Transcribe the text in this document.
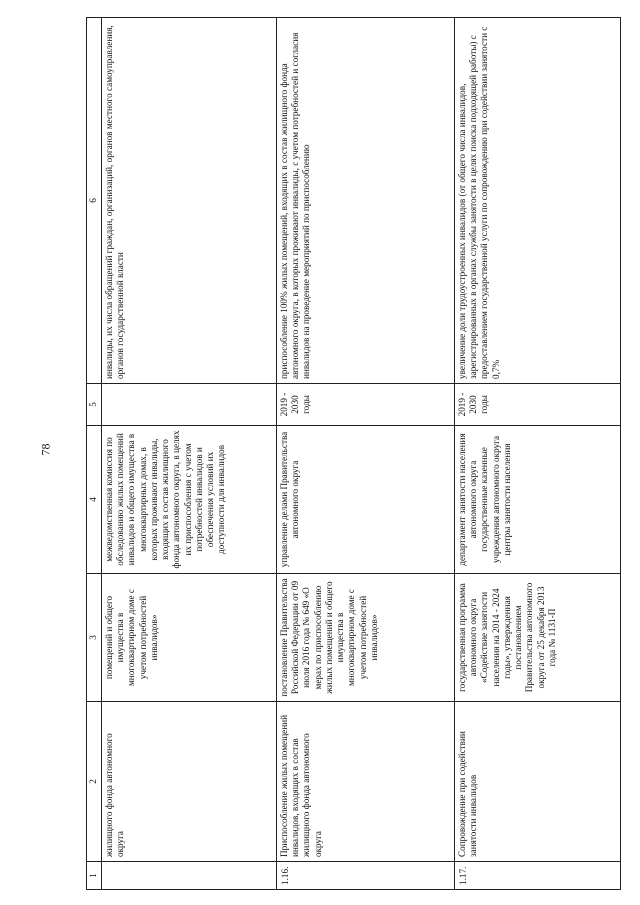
78
1	2	3	4	5	6
	жилищного фонда автономного округа	помещений и общего имущества в многоквартирном доме с учетом потребностей инвалидов»	межведомственная комиссия по обследованию жилых помещений инвалидов и общего имущества в многоквартирных домах, в которых проживают инвалиды, входящих в состав жилищного фонда автономного округа, в целях их приспособления с учетом потребностей инвалидов и обеспечения условий их доступности для инвалидов		инвалиды, их числа обращений граждан, организаций, органов местного самоуправления, органов государственной власти
1.16.	Приспособление жилых помещений инвалидов, входящих в состав жилищного фонда автономного округа	постановление Правительства Российской Федерации от 09 июля 2016 года № 649 «О мерах по приспособлению жилых помещений и общего имущества в многоквартирном доме с учетом потребностей инвалидов»	управление делами Правительства автономного округа	2019 - 2030 годы	приспособление 100% жилых помещений, входящих в состав жилищного фонда автономного округа, в которых проживают инвалиды, с учетом потребностей и согласия инвалидов на проведение мероприятий по приспособлению
1.17.	Сопровождение при содействии занятости инвалидов	государственная программа автономного округа «Содействие занятости населения на 2014 - 2024 годы», утвержденная постановлением Правительства автономного округа от 25 декабря 2013 года № 1131-П	департамент занятости населения автономного округа государственные казенные учреждения автономного округа центры занятости населения	2019 - 2030 годы	увеличение доли трудоустроенных инвалидов (от общего числа инвалидов, зарегистрированных в органах службы занятости в целях поиска подходящей работы) с предоставлением государственной услуги по сопровождению при содействии занятости с 0,7%
